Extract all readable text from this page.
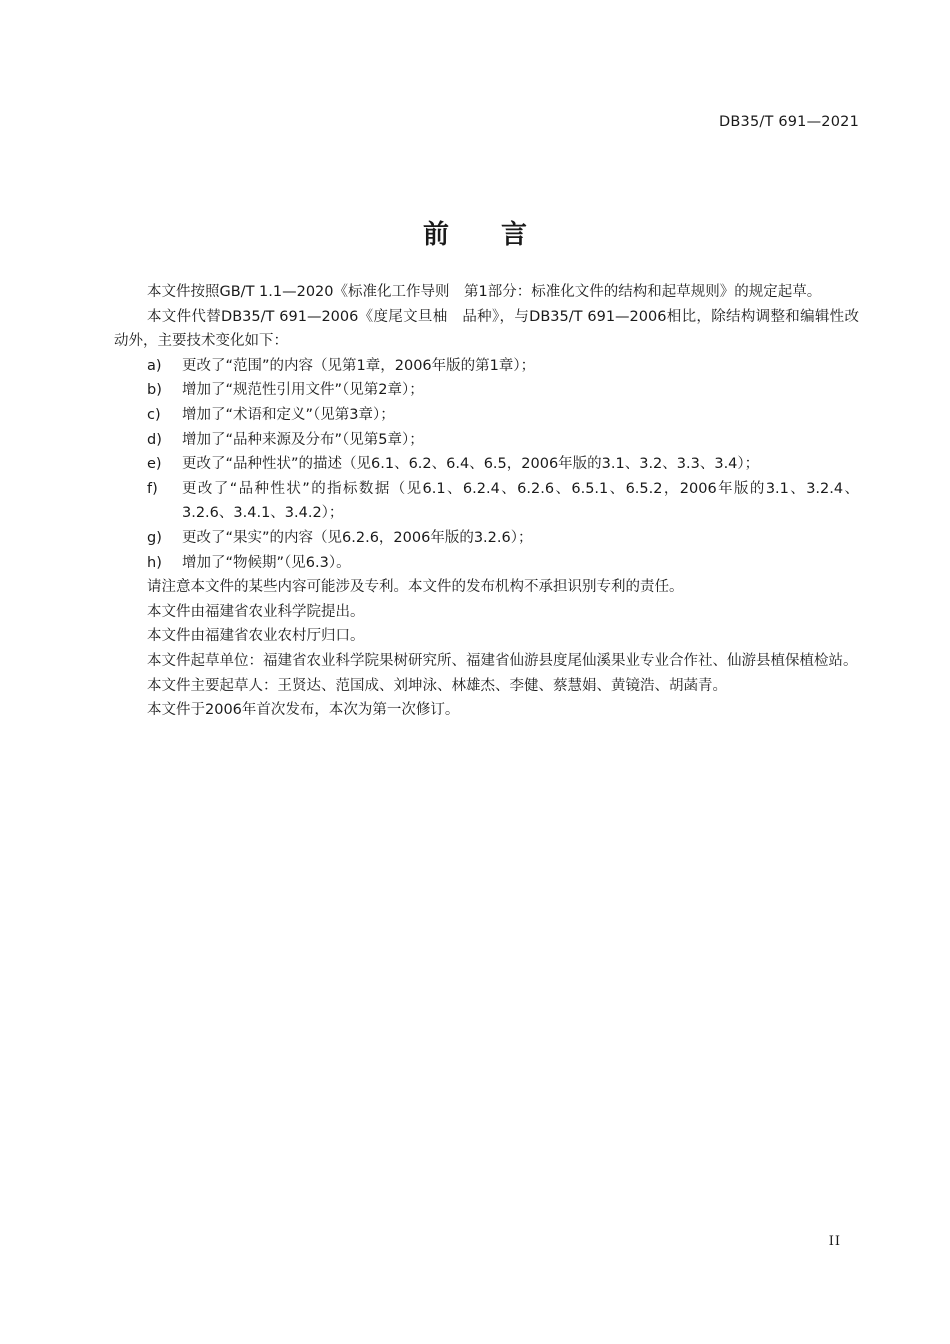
DB35/T 691—2021
前言

本文件按照GB/T 1.1—2020《标准化工作导则　第1部分：标准化文件的结构和起草规则》的规定起草。

本文件代替DB35/T 691—2006《度尾文旦柚　品种》，与DB35/T 691—2006相比，除结构调整和编辑性改动外，主要技术变化如下：

a)	更改了“范围”的内容（见第1章，2006年版的第1章）；
b)	增加了“规范性引用文件”（见第2章）；
c)	增加了“术语和定义”（见第3章）；
d)	增加了“品种来源及分布”（见第5章）；
e)	更改了“品种性状”的描述（见6.1、6.2、6.4、6.5，2006年版的3.1、3.2、3.3、3.4）；
f)	更改了“品种性状”的指标数据（见6.1、6.2.4、6.2.6、6.5.1、6.5.2，2006年版的3.1、3.2.4、3.2.6、3.4.1、3.4.2）；
g)	更改了“果实”的内容（见6.2.6，2006年版的3.2.6）；
h)	增加了“物候期”（见6.3）。

请注意本文件的某些内容可能涉及专利。本文件的发布机构不承担识别专利的责任。

本文件由福建省农业科学院提出。

本文件由福建省农业农村厅归口。

本文件起草单位：福建省农业科学院果树研究所、福建省仙游县度尾仙溪果业专业合作社、仙游县植保植检站。

本文件主要起草人：王贤达、范国成、刘坤泳、林雄杰、李健、蔡慧娟、黄镜浩、胡菡青。

本文件于2006年首次发布，本次为第一次修订。

II
